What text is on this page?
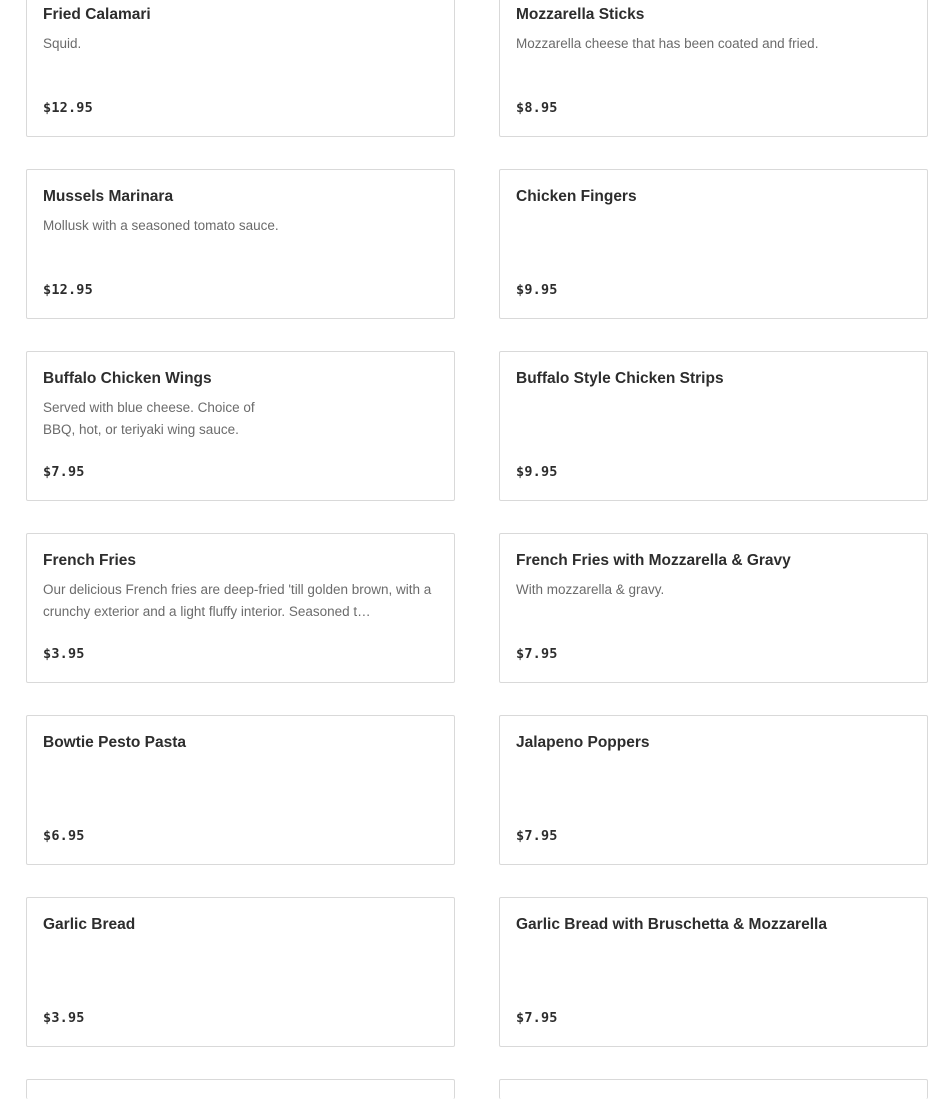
Fried Calamari
Squid.
$12.95
Mozzarella Sticks
Mozzarella cheese that has been coated and fried.
$8.95
Mussels Marinara
Mollusk with a seasoned tomato sauce.
$12.95
Chicken Fingers
$9.95
Buffalo Chicken Wings
Served with blue cheese. Choice of BBQ, hot, or teriyaki wing sauce.
$7.95
Buffalo Style Chicken Strips
$9.95
French Fries
Our delicious French fries are deep-fried 'till golden brown, with a crunchy exterior and a light fluffy interior. Seasoned t…
$3.95
French Fries with Mozzarella & Gravy
With mozzarella & gravy.
$7.95
Bowtie Pesto Pasta
$6.95
Jalapeno Poppers
$7.95
Garlic Bread
$3.95
Garlic Bread with Bruschetta & Mozzarella
$7.95
